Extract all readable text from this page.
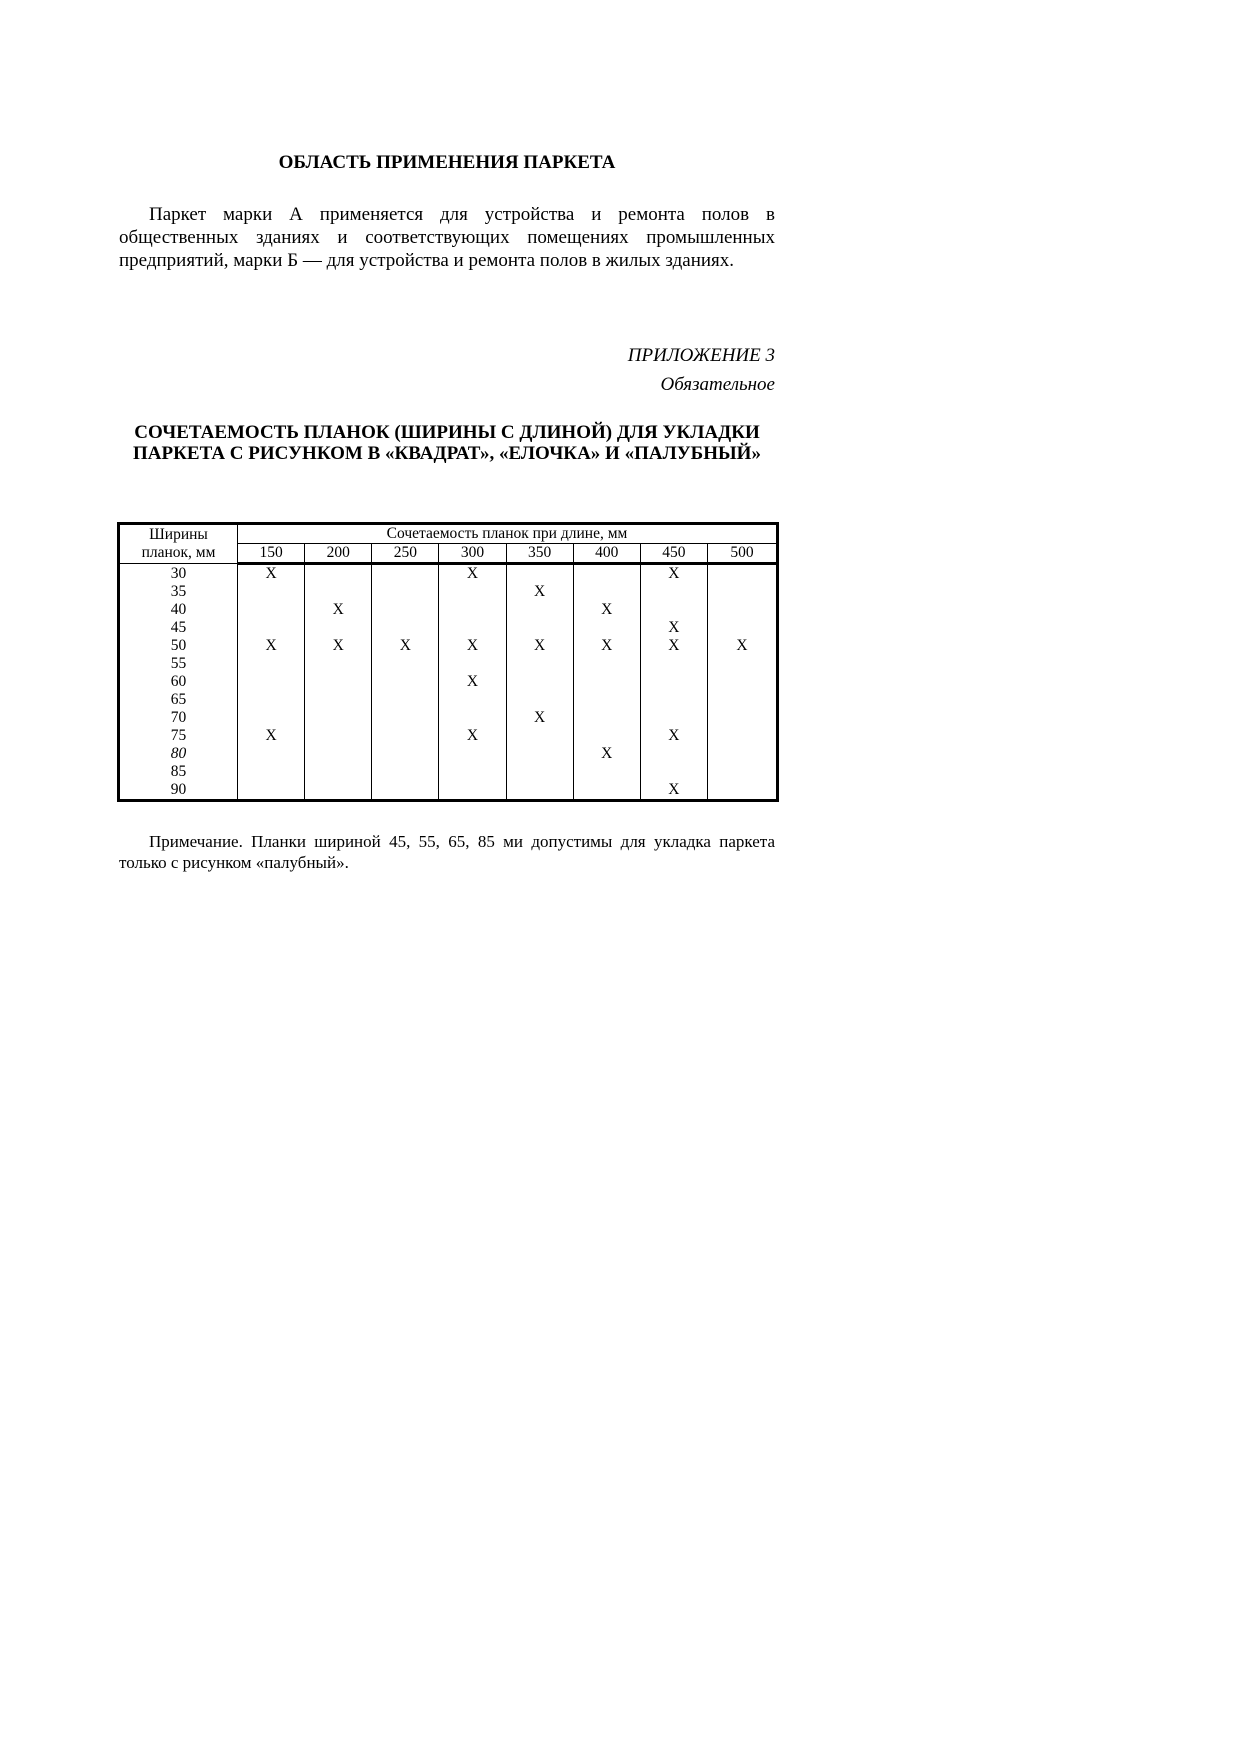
ОБЛАСТЬ ПРИМЕНЕНИЯ ПАРКЕТА
Паркет марки А применяется для устройства и ремонта полов в общественных зданиях и соответствующих помещениях промышленных предприятий, марки Б — для устройства и ремонта полов в жилых зданиях.
ПРИЛОЖЕНИЕ 3
Обязательное
СОЧЕТАЕМОСТЬ ПЛАНОК (ШИРИНЫ С ДЛИНОЙ) ДЛЯ УКЛАДКИ ПАРКЕТА С РИСУНКОМ В «КВАДРАТ», «ЕЛОЧКА» И «ПАЛУБНЫЙ»
Ширины
планок, мм	Сочетаемость планок при длине, мм							
	150	200	250	300	350	400	450	500
30	X			X			X	
35					X			
40		X				X		
45							X	
50	X	X	X	X	X	X	X	X
55								
60				X				
65								
70					X			
75	X			X			X	
80						X		
85								
90							X	
Примечание. Планки шириной 45, 55, 65, 85 ми допустимы для укладка паркета только с рисунком «палубный».
